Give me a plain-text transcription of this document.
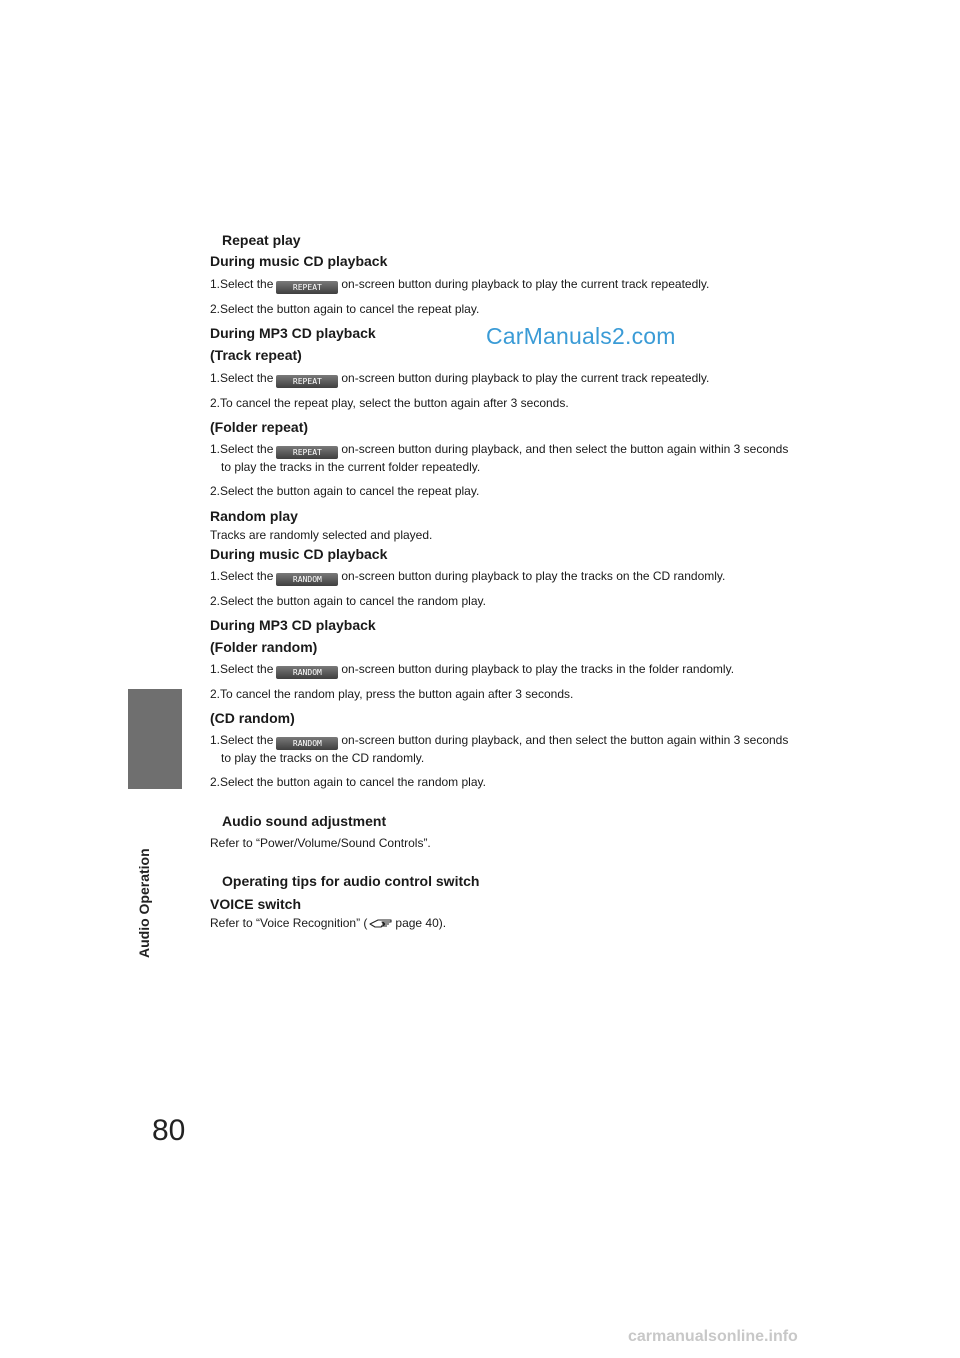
Audio Operation
80
CarManuals2.com

Repeat play

During music CD playback

1.Select the REPEAT on-screen button during playback to play the current track repeatedly.

2.Select the button again to cancel the repeat play.

During MP3 CD playback

(Track repeat)

1.Select the REPEAT on-screen button during playback to play the current track repeatedly.

2.To cancel the repeat play, select the button again after 3 seconds.

(Folder repeat)

1.Select the REPEAT on-screen button during playback, and then select the button again within 3 seconds to play the tracks in the current folder repeatedly.

2.Select the button again to cancel the repeat play.

Random play

Tracks are randomly selected and played.

During music CD playback

1.Select the RANDOM on-screen button during playback to play the tracks on the CD randomly.

2.Select the button again to cancel the random play.

During MP3 CD playback

(Folder random)

1.Select the RANDOM on-screen button during playback to play the tracks in the folder randomly.

2.To cancel the random play, press the button again after 3 seconds.

(CD random)

1.Select the RANDOM on-screen button during playback, and then select the button again within 3 seconds to play the tracks on the CD randomly.

2.Select the button again to cancel the random play.

Audio sound adjustment

Refer to “Power/Volume/Sound Controls”.

Operating tips for audio control switch

VOICE switch

Refer to “Voice Recognition” ( page 40).

carmanualsonline.info
